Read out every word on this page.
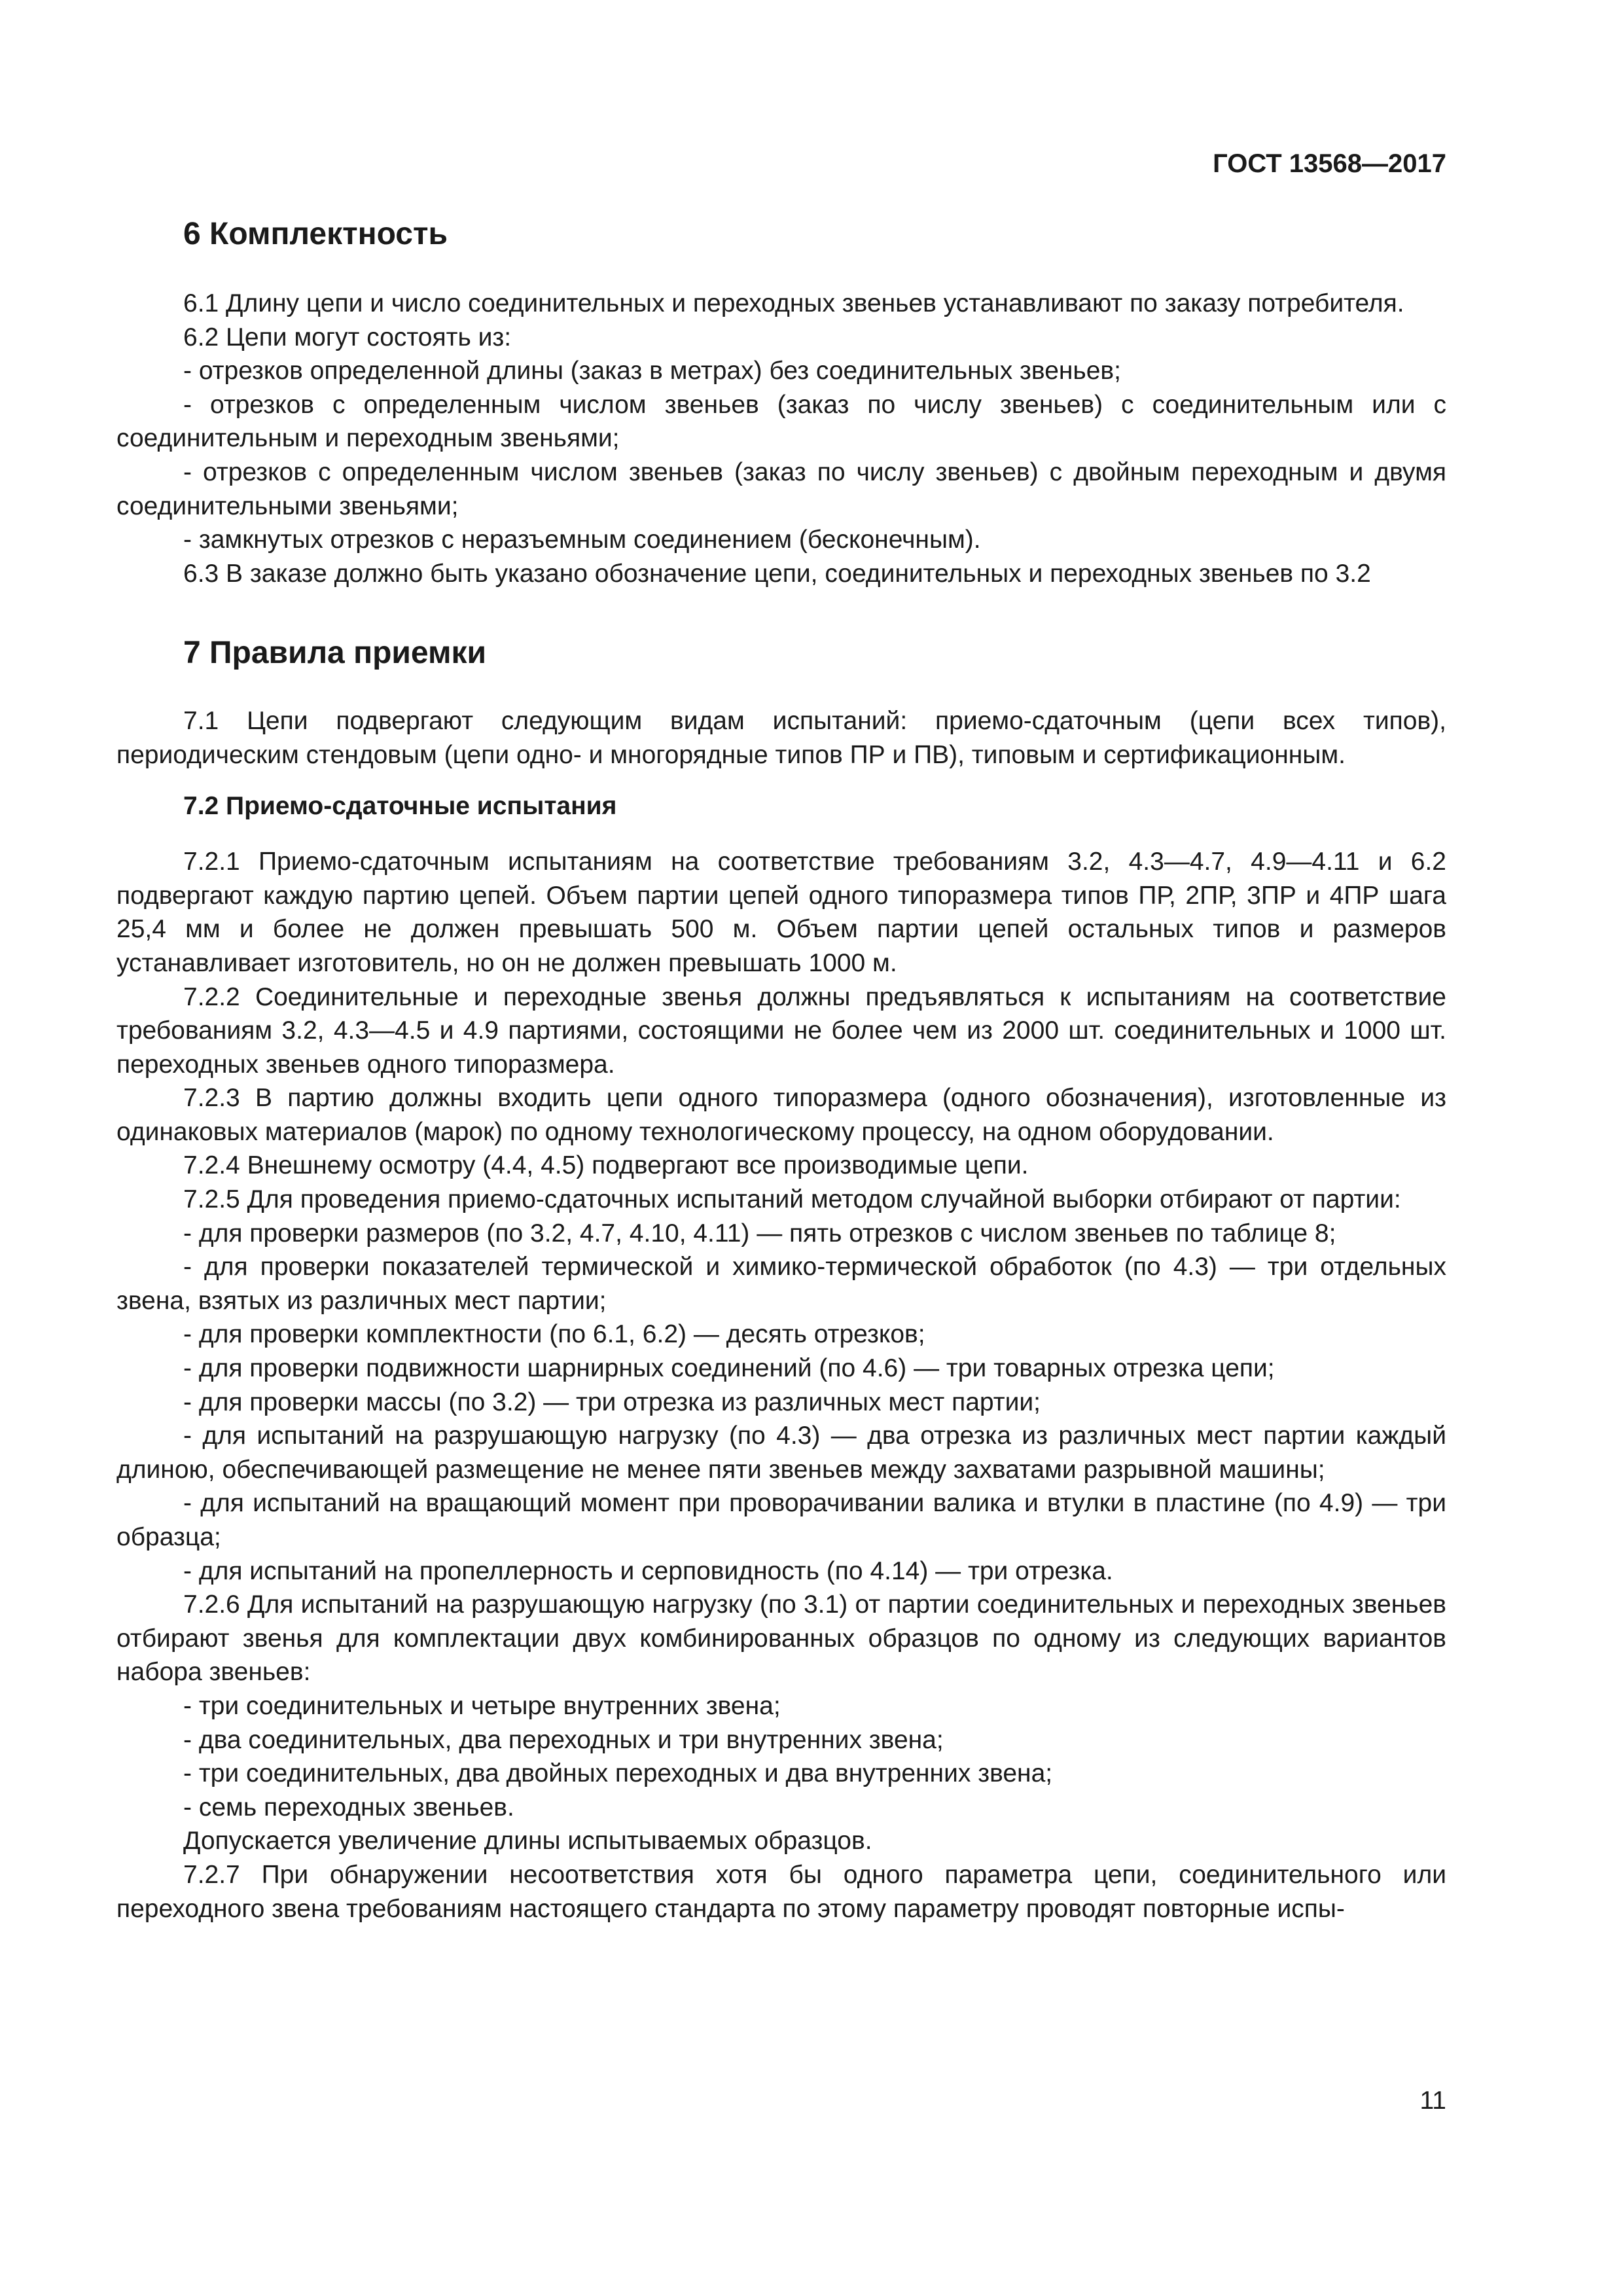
ГОСТ 13568—2017
6 Комплектность

6.1 Длину цепи и число соединительных и переходных звеньев устанавливают по заказу потребителя.

6.2 Цепи могут состоять из:

- отрезков определенной длины (заказ в метрах) без соединительных звеньев;

- отрезков с определенным числом звеньев (заказ по числу звеньев) с соединительным или с соединительным и переходным звеньями;

- отрезков с определенным числом звеньев (заказ по числу звеньев) с двойным переходным и двумя соединительными звеньями;

- замкнутых отрезков с неразъемным соединением (бесконечным).

6.3 В заказе должно быть указано обозначение цепи, соединительных и переходных звеньев по 3.2

7 Правила приемки

7.1 Цепи подвергают следующим видам испытаний: приемо-сдаточным (цепи всех типов), периодическим стендовым (цепи одно- и многорядные типов ПР и ПВ), типовым и сертификационным.

7.2 Приемо-сдаточные испытания

7.2.1 Приемо-сдаточным испытаниям на соответствие требованиям 3.2, 4.3—4.7, 4.9—4.11 и 6.2 подвергают каждую партию цепей. Объем партии цепей одного типоразмера типов ПР, 2ПР, 3ПР и 4ПР шага 25,4 мм и более не должен превышать 500 м. Объем партии цепей остальных типов и размеров устанавливает изготовитель, но он не должен превышать 1000 м.

7.2.2 Соединительные и переходные звенья должны предъявляться к испытаниям на соответствие требованиям 3.2, 4.3—4.5 и 4.9 партиями, состоящими не более чем из 2000 шт. соединительных и 1000 шт. переходных звеньев одного типоразмера.

7.2.3 В партию должны входить цепи одного типоразмера (одного обозначения), изготовленные из одинаковых материалов (марок) по одному технологическому процессу, на одном оборудовании.

7.2.4 Внешнему осмотру (4.4, 4.5) подвергают все производимые цепи.

7.2.5 Для проведения приемо-сдаточных испытаний методом случайной выборки отбирают от партии:

- для проверки размеров (по 3.2, 4.7, 4.10, 4.11) — пять отрезков с числом звеньев по таблице 8;

- для проверки показателей термической и химико-термической обработок (по 4.3) — три отдельных звена, взятых из различных мест партии;

- для проверки комплектности (по 6.1, 6.2) — десять отрезков;

- для проверки подвижности шарнирных соединений (по 4.6) — три товарных отрезка цепи;

- для проверки массы (по 3.2) — три отрезка из различных мест партии;

- для испытаний на разрушающую нагрузку (по 4.3) — два отрезка из различных мест партии каждый длиною, обеспечивающей размещение не менее пяти звеньев между захватами разрывной машины;

- для испытаний на вращающий момент при проворачивании валика и втулки в пластине (по 4.9) — три образца;

- для испытаний на пропеллерность и серповидность (по 4.14) — три отрезка.

7.2.6 Для испытаний на разрушающую нагрузку (по 3.1) от партии соединительных и переходных звеньев отбирают звенья для комплектации двух комбинированных образцов по одному из следующих вариантов набора звеньев:

- три соединительных и четыре внутренних звена;

- два соединительных, два переходных и три внутренних звена;

- три соединительных, два двойных переходных и два внутренних звена;

- семь переходных звеньев.

Допускается увеличение длины испытываемых образцов.

7.2.7 При обнаружении несоответствия хотя бы одного параметра цепи, соединительного или переходного звена требованиям настоящего стандарта по этому параметру проводят повторные испы-

11
